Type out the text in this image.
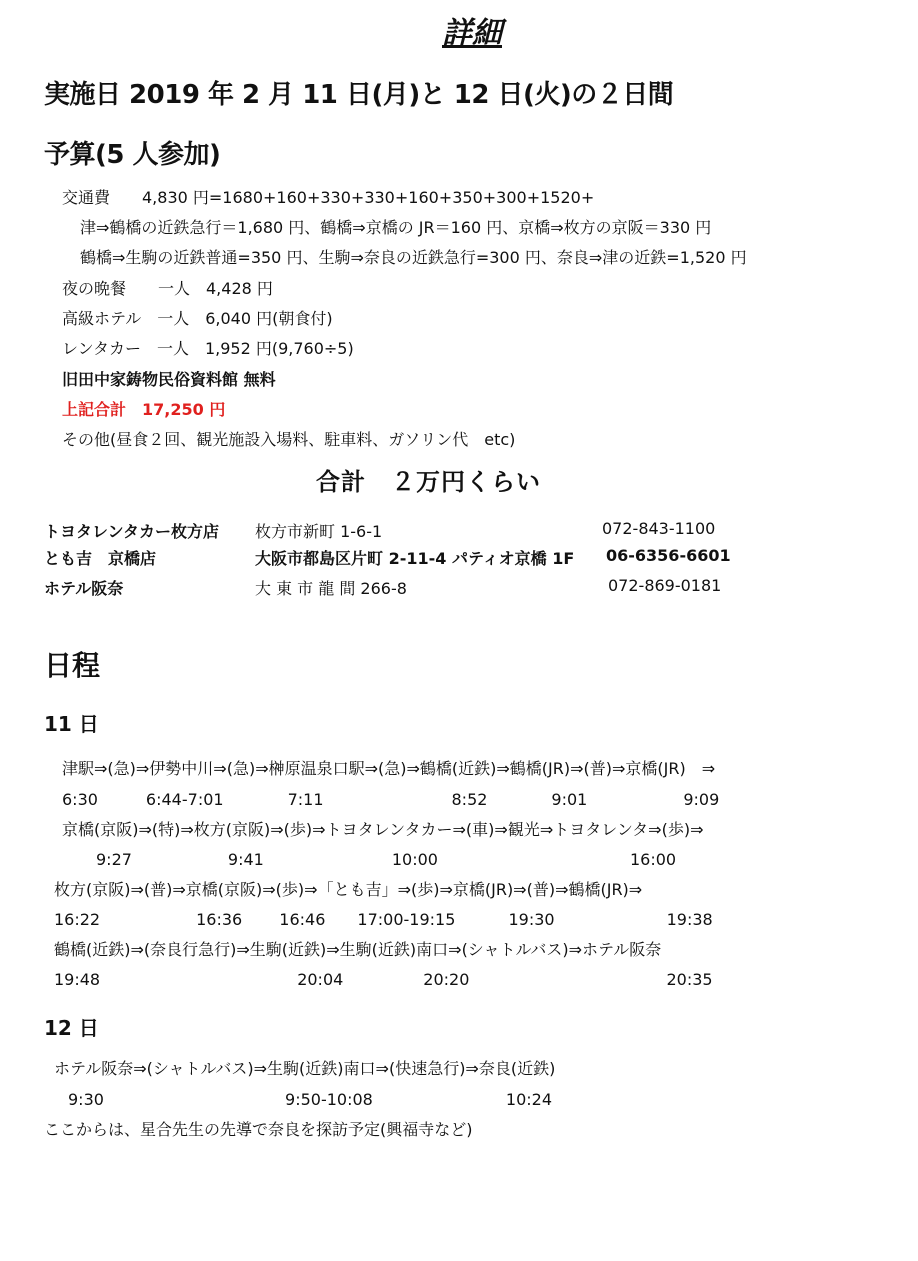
詳細
実施日 2019 年 2 月 11 日(月)と 12 日(火)の２日間
予算(5 人参加)
交通費　　4,830 円=1680+160+330+330+160+350+300+1520+
津⇒鶴橋の近鉄急行＝1,680 円、鶴橋⇒京橋の JR＝160 円、京橋⇒枚方の京阪＝330 円
鶴橋⇒生駒の近鉄普通=350 円、生駒⇒奈良の近鉄急行=300 円、奈良⇒津の近鉄=1,520 円
夜の晩餐　　一人　4,428 円
高級ホテル　一人　6,040 円(朝食付)
レンタカー　一人　1,952 円(9,760÷5)
旧田中家鋳物民俗資料館 無料
上記合計　17,250 円
その他(昼食２回、観光施設入場料、駐車料、ガソリン代　etc)
合計　２万円くらい
トヨタレンタカー枚方店 枚方市新町 1-6-1	072-843-1100
とも吉　京橋店	大阪市都島区片町 2-11-4 パティオ京橋 1F 06-6356-6601
ホテル阪奈	大 東 市 龍 間 266-8	072-869-0181
日程
11 日
津駅⇒(急)⇒伊勢中川⇒(急)⇒榊原温泉口駅⇒(急)⇒鶴橋(近鉄)⇒鶴橋(JR)⇒(普)⇒京橋(JR)　⇒
6:30　　　6:44-7:01　　　　7:11　　　　　　　　8:52　　　　9:01　　　　　　9:09
京橋(京阪)⇒(特)⇒枚方(京阪)⇒(歩)⇒トヨタレンタカー⇒(車)⇒観光⇒トヨタレンタ⇒(歩)⇒
9:27　　　　　　9:41　　　　　　　　10:00　　　　　　　　　　　　16:00
枚方(京阪)⇒(普)⇒京橋(京阪)⇒(歩)⇒「とも吉」⇒(歩)⇒京橋(JR)⇒(普)⇒鶴橋(JR)⇒
16:22　　　　　　16:36　　 16:46　　17:00-19:15　　　 19:30　　　　　　　19:38
鶴橋(近鉄)⇒(奈良行急行)⇒生駒(近鉄)⇒生駒(近鉄)南口⇒(シャトルバス)⇒ホテル阪奈
19:48　　　　　　　　　　　　 20:04　　　　　20:20　　　　　　　　　　　　 20:35
12 日
ホテル阪奈⇒(シャトルバス)⇒生駒(近鉄)南口⇒(快速急行)⇒奈良(近鉄)
9:30　　　　　　　　　　　 9:50-10:08　　　　　　　　 10:24
ここからは、星合先生の先導で奈良を探訪予定(興福寺など)
